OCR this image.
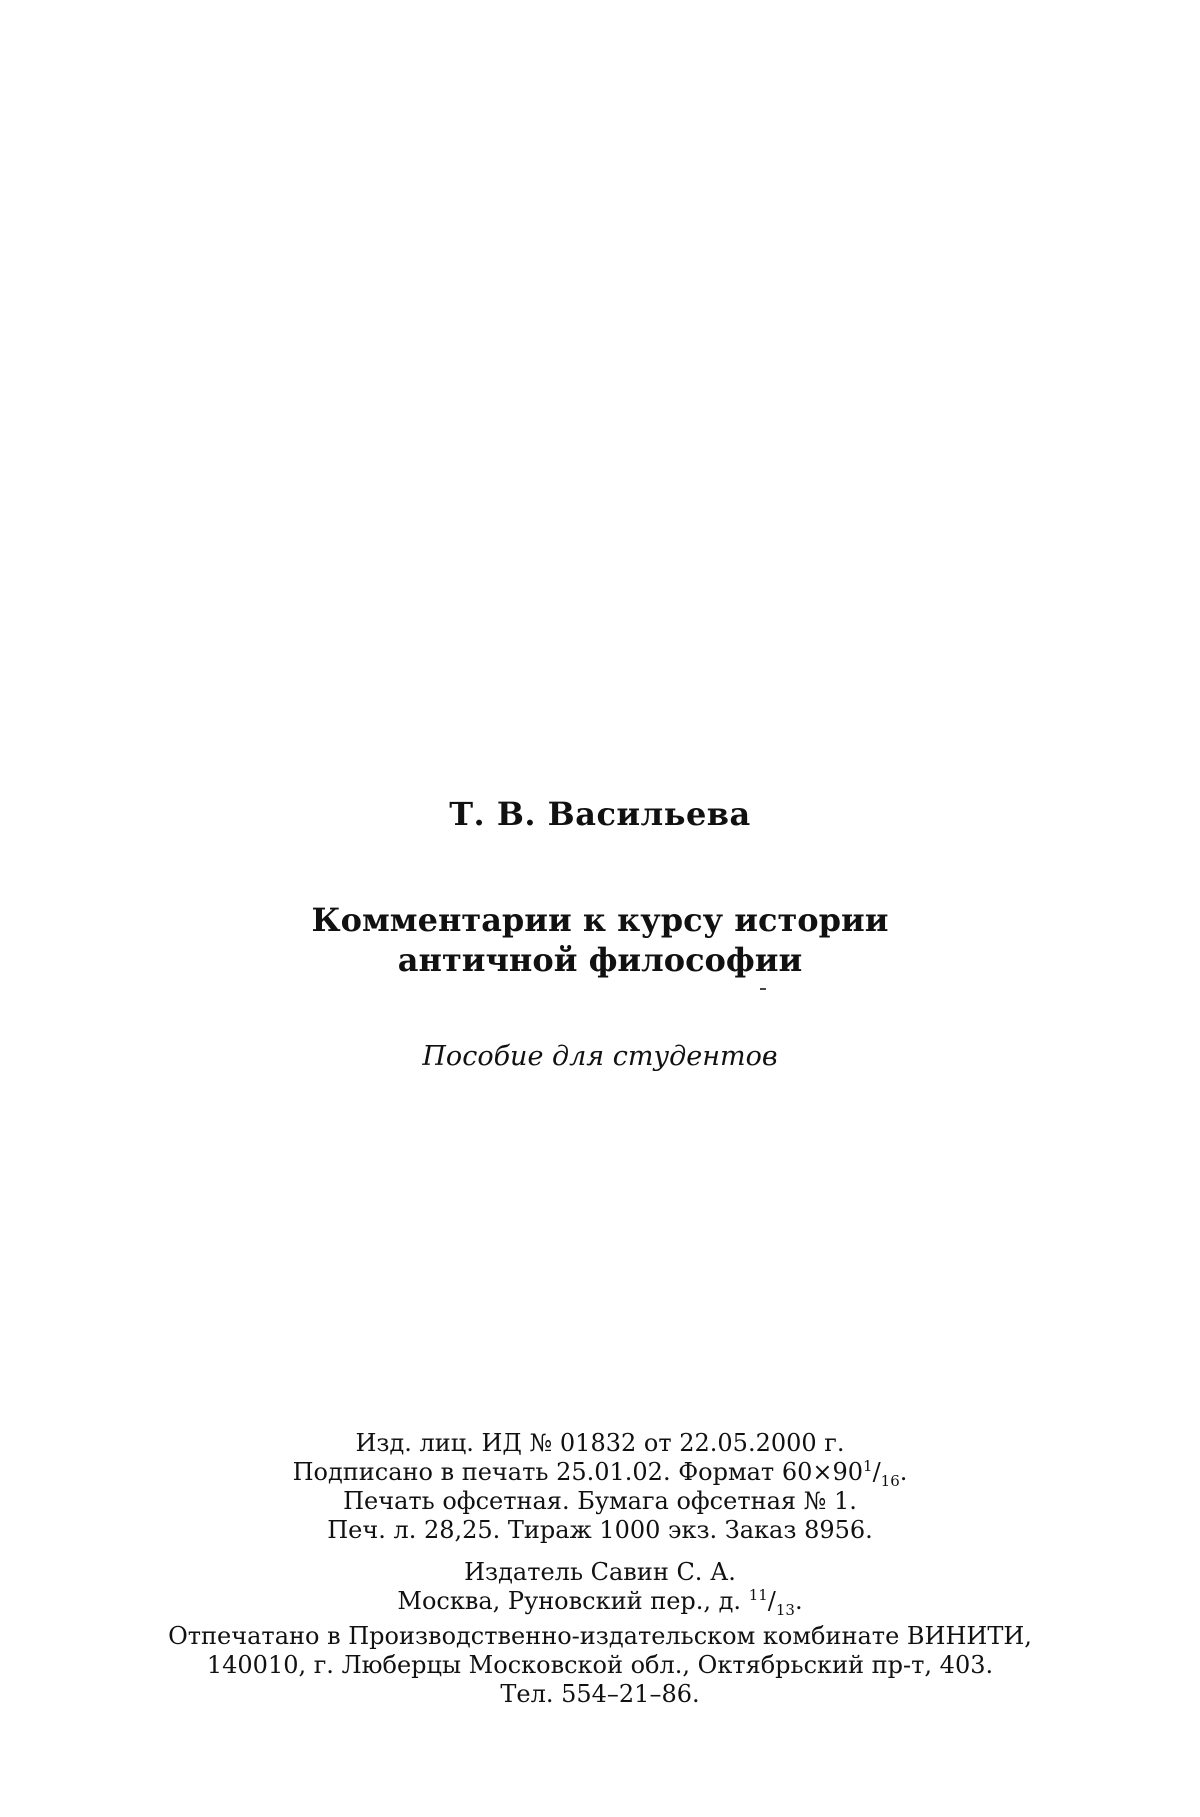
Т. В. Васильева
Комментарии к курсу истории
античной философии
Пособие для студентов
Изд. лиц. ИД № 01832 от 22.05.2000 г.
Подписано в печать 25.01.02. Формат $60\times 90^1/_{16}$.
Печать офсетная. Бумага офсетная № 1.
Печ. л. 28,25. Тираж 1000 экз. Заказ 8956.
Издатель Савин С. А.
Москва, Руновский пер., д. $^{11}/_{13}$.
Отпечатано в Производственно-издательском комбинате ВИНИТИ,
140010, г. Люберцы Московской обл., Октябрьский пр-т, 403.
Тел. 554–21–86.
